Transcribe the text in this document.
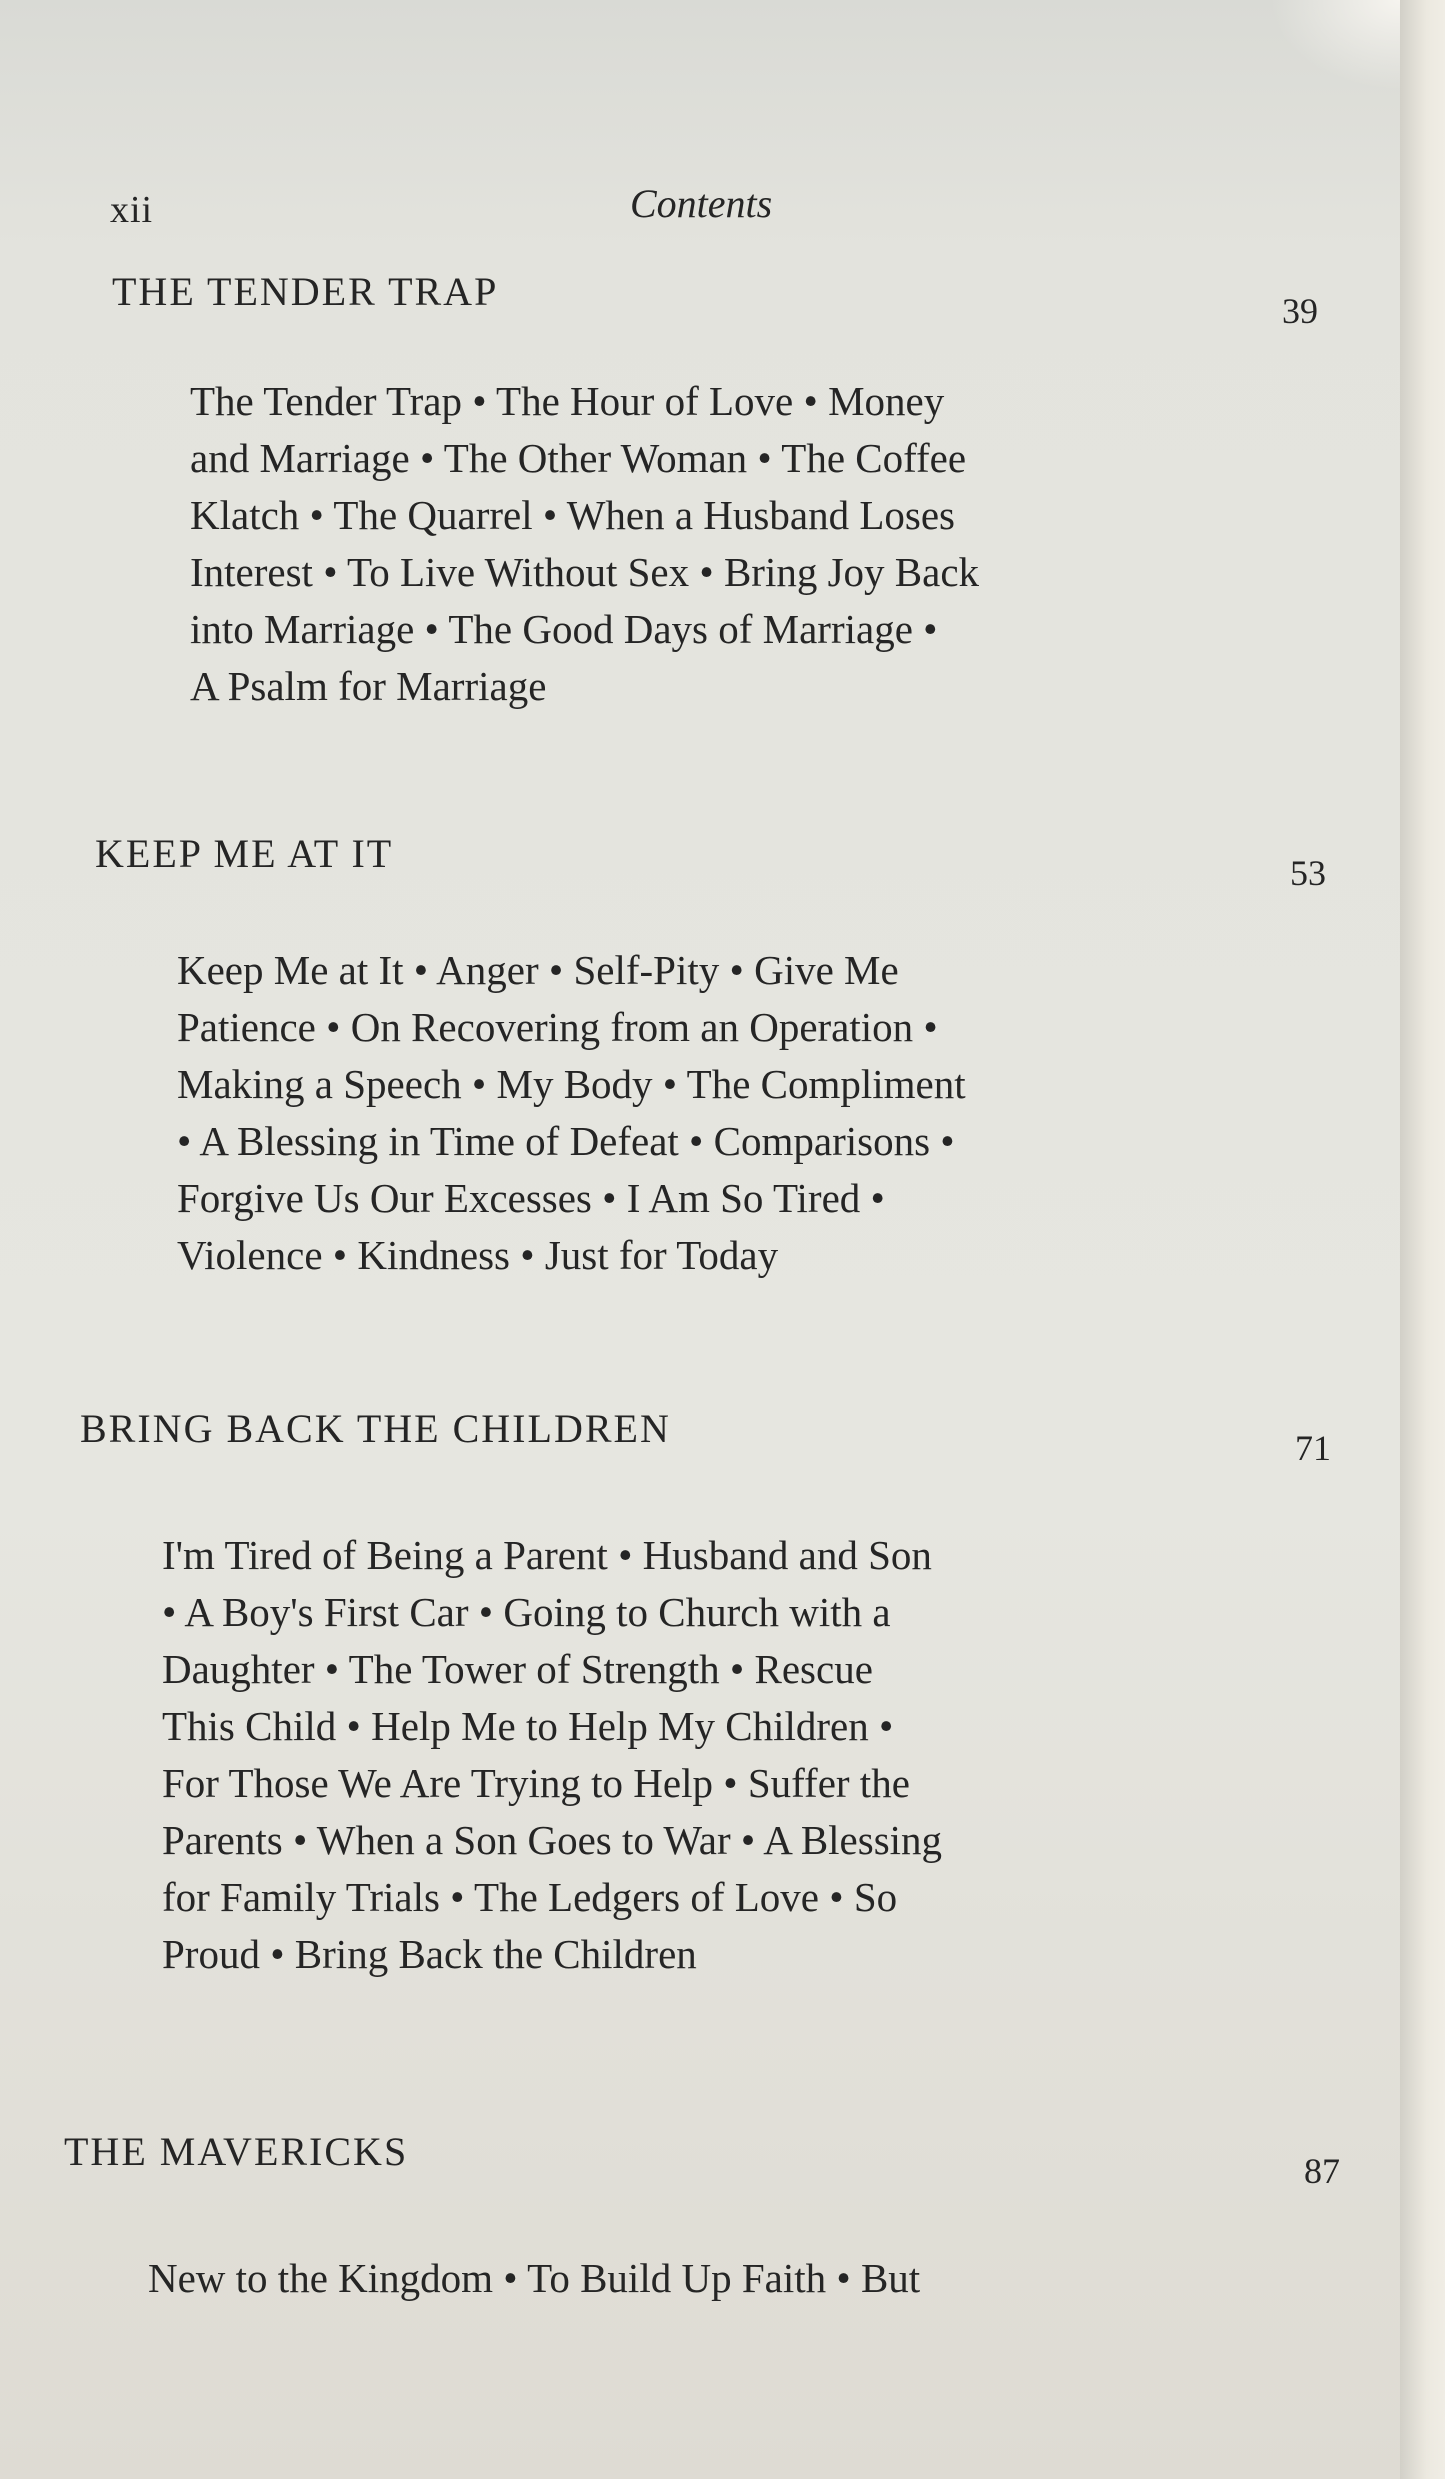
xii	Contents
THE TENDER TRAP	39
The Tender Trap • The Hour of Love • Money
and Marriage • The Other Woman • The Coffee
Klatch • The Quarrel • When a Husband Loses
Interest • To Live Without Sex • Bring Joy Back
into Marriage • The Good Days of Marriage •
A Psalm for Marriage
KEEP ME AT IT	53
Keep Me at It • Anger • Self-Pity • Give Me
Patience • On Recovering from an Operation •
Making a Speech • My Body • The Compliment
• A Blessing in Time of Defeat • Comparisons •
Forgive Us Our Excesses • I Am So Tired •
Violence • Kindness • Just for Today
BRING BACK THE CHILDREN	71
I'm Tired of Being a Parent • Husband and Son
• A Boy's First Car • Going to Church with a
Daughter • The Tower of Strength • Rescue
This Child • Help Me to Help My Children •
For Those We Are Trying to Help • Suffer the
Parents • When a Son Goes to War • A Blessing
for Family Trials • The Ledgers of Love • So
Proud • Bring Back the Children
THE MAVERICKS	87
New to the Kingdom • To Build Up Faith • But
